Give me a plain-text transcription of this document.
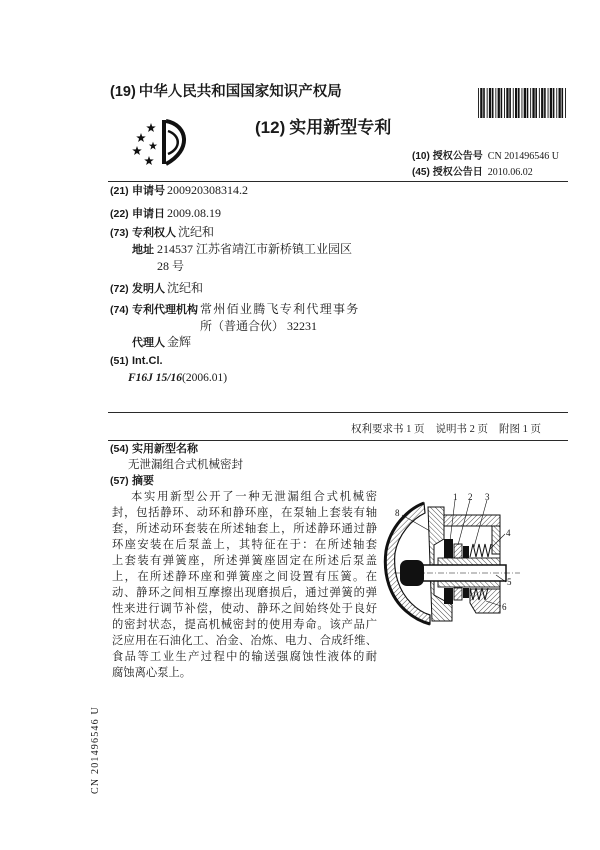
(19) 中华人民共和国国家知识产权局
(12) 实用新型专利
(10) 授权公告号 CN 201496546 U
(45) 授权公告日 2010.06.02
(21) 申请号 200920308314.2
(22) 申请日 2009.08.19
(73) 专利权人 沈纪和
地址 214537 江苏省靖江市新桥镇工业园区
28 号
(72) 发明人 沈纪和
(74) 专利代理机构 常州佰业腾飞专利代理事务
所（普通合伙） 32231
代理人 金辉
(51) Int.Cl.
F16J 15/16(2006.01)
权利要求书 1 页 说明书 2 页 附图 1 页
(54) 实用新型名称
无泄漏组合式机械密封
(57) 摘要
本实用新型公开了一种无泄漏组合式机械密
封，包括静环、动环和静环座，在泵轴上套装有轴
套，所述动环套装在所述轴套上，所述静环通过静
环座安装在后泵盖上，其特征在于：在所述轴套
上套装有弹簧座，所述弹簧座固定在所述后泵盖
上，在所述静环座和弹簧座之间设置有压簧。在
动、静环之间相互摩擦出现磨损后，通过弹簧的弹
性来进行调节补偿，使动、静环之间始终处于良好
的密封状态，提高机械密封的使用寿命。该产品广
泛应用在石油化工、冶金、冶炼、电力、合成纤维、
食品等工业生产过程中的输送强腐蚀性液体的耐
腐蚀离心泵上。
1 2 3
4
5
6
8
CN 201496546 U
